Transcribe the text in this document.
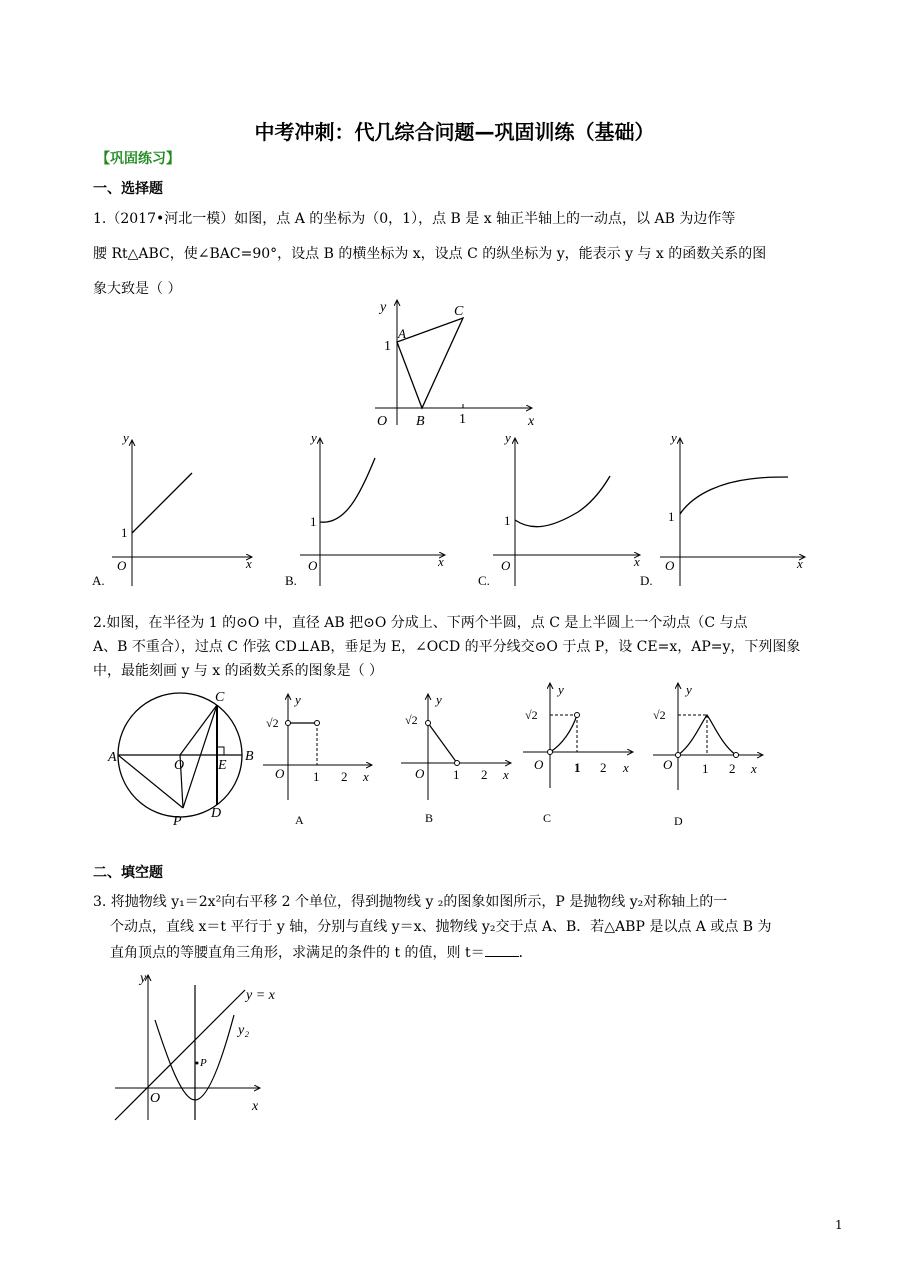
中考冲刺：代几综合问题—巩固训练（基础）
【巩固练习】
一、选择题
1.（2017•河北一模）如图，点 A 的坐标为（0，1），点 B 是 x 轴正半轴上的一动点，以 AB 为边作等
腰 Rt△ABC，使∠BAC=90°，设点 B 的横坐标为 x，设点 C 的纵坐标为 y，能表示 y 与 x 的函数关系的图
象大致是（ ）
y
x
O
A
B
C
1
1
A.
y
x
O
1
B.
y
x
O
1
C.
y
x
O
1
D.
y
x
O
1
2.如图，在半径为 1 的⊙O 中，直径 AB 把⊙O 分成上、下两个半圆，点 C 是上半圆上一个动点（C 与点
A、B 不重合），过点 C 作弦 CD⊥AB，垂足为 E，∠OCD 的平分线交⊙O 于点 P，设 CE=x，AP=y，下列图象
中，最能刻画 y 与 x 的函数关系的图象是（ ）
A	B
C
D
E
O
P
y
√2
O 1 2 x
A
y
√2
O 1 2 x
B
y
√2
O 1 2 x
C
y
√2
O 1 2 x
D
二、填空题
3. 将抛物线 y₁＝2x²向右平移 2 个单位，得到抛物线 y ₂的图象如图所示，P 是抛物线 y₂对称轴上的一
个动点，直线 x＝t 平行于 y 轴，分别与直线 y＝x、抛物线 y₂交于点 A、B．若△ABP 是以点 A 或点 B 为
直角顶点的等腰直角三角形，求满足的条件的 t 的值，则 t＝ ．
y
x
O
y = x
y₂
P
1
